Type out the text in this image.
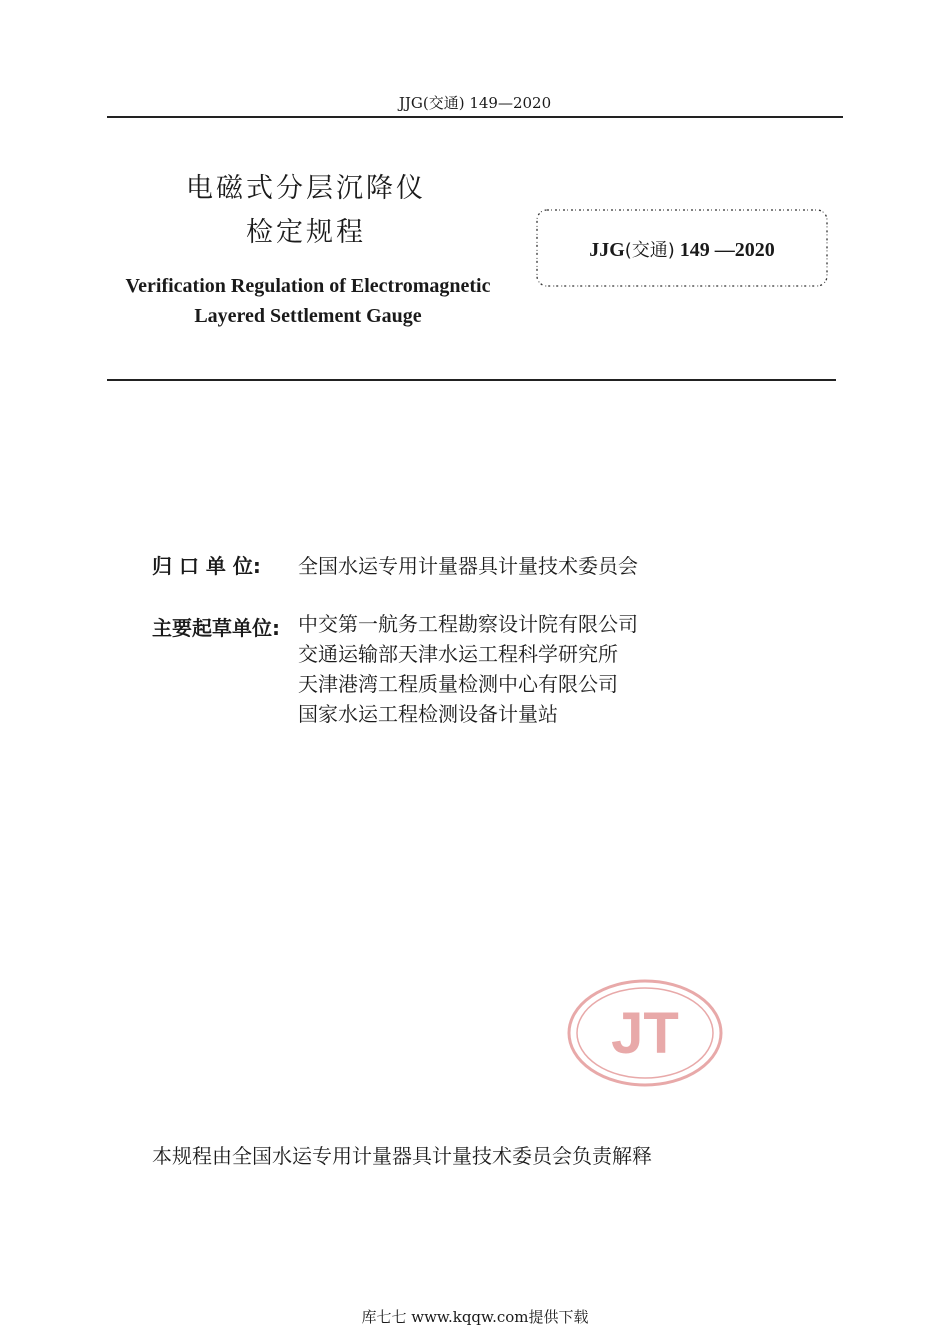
JJG(交通) 149—2020
电磁式分层沉降仪
检定规程
Verification Regulation of Electromagnetic
Layered Settlement Gauge
JJG(交通) 149 —2020
归 口 单 位: 全国水运专用计量器具计量技术委员会
主要起草单位: 中交第一航务工程勘察设计院有限公司
交通运输部天津水运工程科学研究所
天津港湾工程质量检测中心有限公司
国家水运工程检测设备计量站
JT
本规程由全国水运专用计量器具计量技术委员会负责解释
库七七 www.kqqw.com提供下载
